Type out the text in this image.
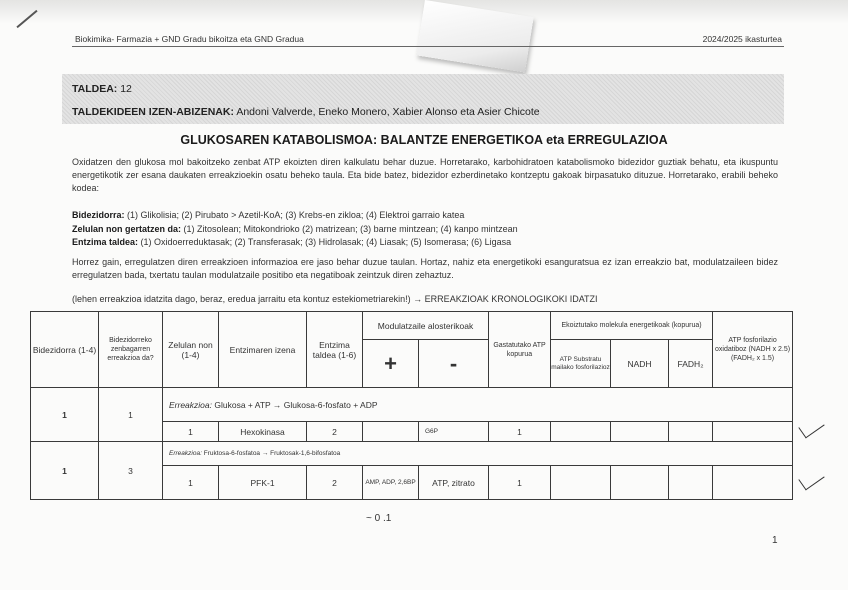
Biokimika- Farmazia + GND Gradu bikoitza eta GND Gradua	2024/2025 ikasturtea
TALDEA: 12
TALDEKIDEEN IZEN-ABIZENAK: Andoni Valverde, Eneko Monero, Xabier Alonso eta Asier Chicote
GLUKOSAREN KATABOLISMOA: BALANTZE ENERGETIKOA eta ERREGULAZIOA
Oxidatzen den glukosa mol bakoitzeko zenbat ATP ekoizten diren kalkulatu behar duzue. Horretarako, karbohidratoen katabolismoko bidezidor guztiak behatu, eta ikuspuntu energetikotik zer esana daukaten erreakzioekin osatu beheko taula. Eta bide batez, bidezidor ezberdinetako kontzeptu gakoak birpasatuko dituzue. Horretarako, erabili beheko kodea:
Bidezidorra: (1) Glikolisia; (2) Pirubato > Azetil-KoA; (3) Krebs-en zikloa; (4) Elektroi garraio katea
Zelulan non gertatzen da: (1) Zitosolean; Mitokondrioko (2) matrizean; (3) barne mintzean; (4) kanpo mintzean
Entzima taldea: (1) Oxidoerreduktasak; (2) Transferasak; (3) Hidrolasak; (4) Liasak; (5) Isomerasa; (6) Ligasa
Horrez gain, erregulatzen diren erreakzioen informazioa ere jaso behar duzue taulan. Hortaz, nahiz eta energetikoki esanguratsua ez izan erreakzio bat, modulatzaileen bidez erregulatzen bada, txertatu taulan modulatzaile positibo eta negatiboak zeintzuk diren zehaztuz.
(lehen erreakzioa idatzita dago, beraz, eredua jarraitu eta kontuz estekiometriarekin!) → ERREAKZIOAK KRONOLOGIKOKI IDATZI
Bidezidorra (1-4)	Bidezidorreko zenbagarren erreakzioa da?	Zelulan non (1-4)	Entzimaren izena	Entzima taldea (1-6)	Modulatzaile alosterikoak		Gastatutako ATP kopurua	Ekoiztutako molekula energetikoak (kopurua)			ATP fosforilazio oxidatiboz (NADH x 2.5) (FADH₂ x 1.5)
					+	-		ATP Substratu mailako fosforilazioz	NADH	FADH₂	
1	1	Erreakzioa: Glukosa + ATP → Glukosa-6-fosfato + ADP									
		1	Hexokinasa	2		G6P	1				
1	3	Erreakzioa: Fruktosa-6-fosfatoa → Fruktosak-1,6-bifosfatoa									
		1	PFK-1	2	AMP, ADP, 2,6BP	ATP, zitrato	1				
~ 0 .1
1
